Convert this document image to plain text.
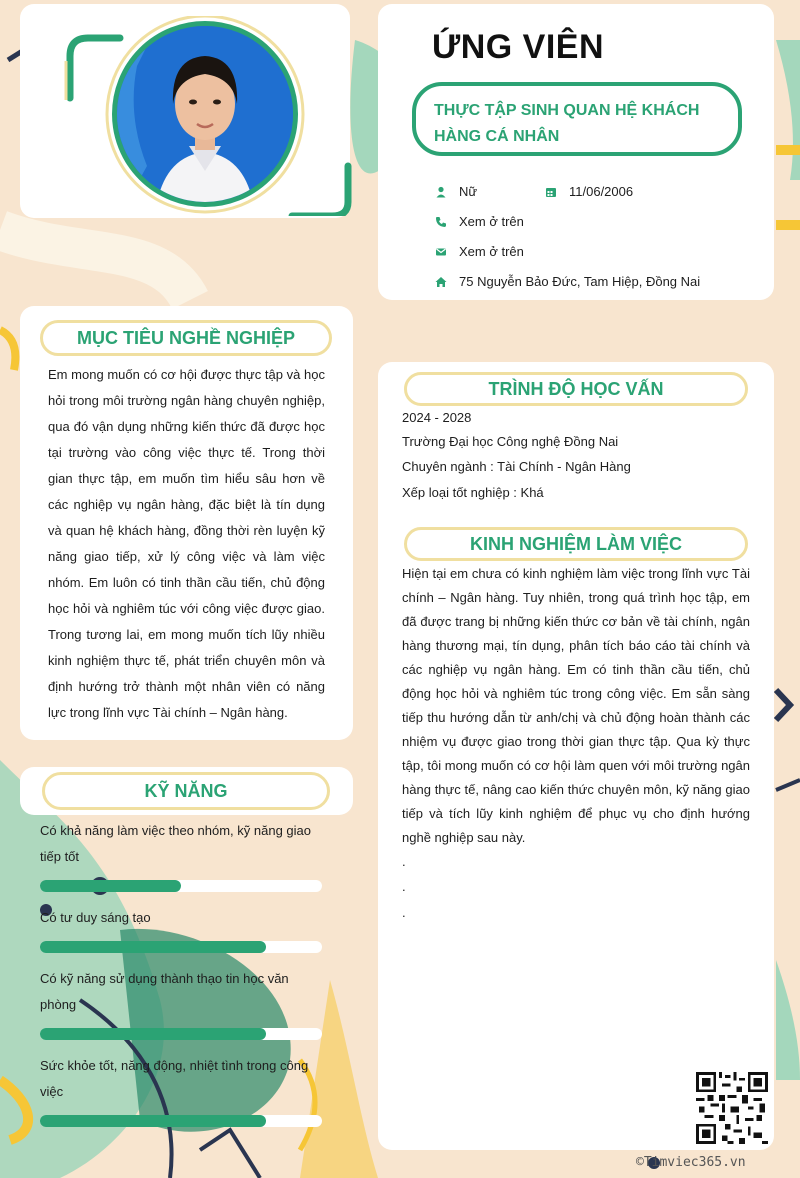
ỨNG VIÊN
THỰC TẬP SINH QUAN HỆ KHÁCH HÀNG CÁ NHÂN
Nữ	11/06/2006
Xem ở trên
Xem ở trên
75 Nguyễn Bảo Đức, Tam Hiệp, Đồng Nai
MỤC TIÊU NGHỀ NGHIỆP
Em mong muốn có cơ hội được thực tập và học hỏi trong môi trường ngân hàng chuyên nghiệp, qua đó vận dụng những kiến thức đã được học tại trường vào công việc thực tế. Trong thời gian thực tập, em muốn tìm hiểu sâu hơn về các nghiệp vụ ngân hàng, đặc biệt là tín dụng và quan hệ khách hàng, đồng thời rèn luyện kỹ năng giao tiếp, xử lý công việc và làm việc nhóm. Em luôn có tinh thần cầu tiến, chủ động học hỏi và nghiêm túc với công việc được giao. Trong tương lai, em mong muốn tích lũy nhiều kinh nghiệm thực tế, phát triển chuyên môn và định hướng trở thành một nhân viên có năng lực trong lĩnh vực Tài chính – Ngân hàng.
KỸ NĂNG
Có khả năng làm việc theo nhóm, kỹ năng giao tiếp tốt
Có tư duy sáng tạo
Có kỹ năng sử dụng thành thạo tin học văn phòng
Sức khỏe tốt, năng động, nhiệt tình trong công việc
TRÌNH ĐỘ HỌC VẤN
2024 - 2028
Trường Đại học Công nghệ Đồng Nai
Chuyên ngành : Tài Chính - Ngân Hàng
Xếp loại tốt nghiệp : Khá
KINH NGHIỆM LÀM VIỆC
Hiện tại em chưa có kinh nghiệm làm việc trong lĩnh vực Tài chính – Ngân hàng. Tuy nhiên, trong quá trình học tập, em đã được trang bị những kiến thức cơ bản về tài chính, ngân hàng thương mại, tín dụng, phân tích báo cáo tài chính và các nghiệp vụ ngân hàng. Em có tinh thần cầu tiến, chủ động học hỏi và nghiêm túc trong công việc. Em sẵn sàng tiếp thu hướng dẫn từ anh/chị và chủ động hoàn thành các nhiệm vụ được giao trong thời gian thực tập. Qua kỳ thực tập, tôi mong muốn có cơ hội làm quen với môi trường ngân hàng thực tế, nâng cao kiến thức chuyên môn, kỹ năng giao tiếp và tích lũy kinh nghiệm để phục vụ cho định hướng nghề nghiệp sau này.
.
.
.
©Timviec365.vn
